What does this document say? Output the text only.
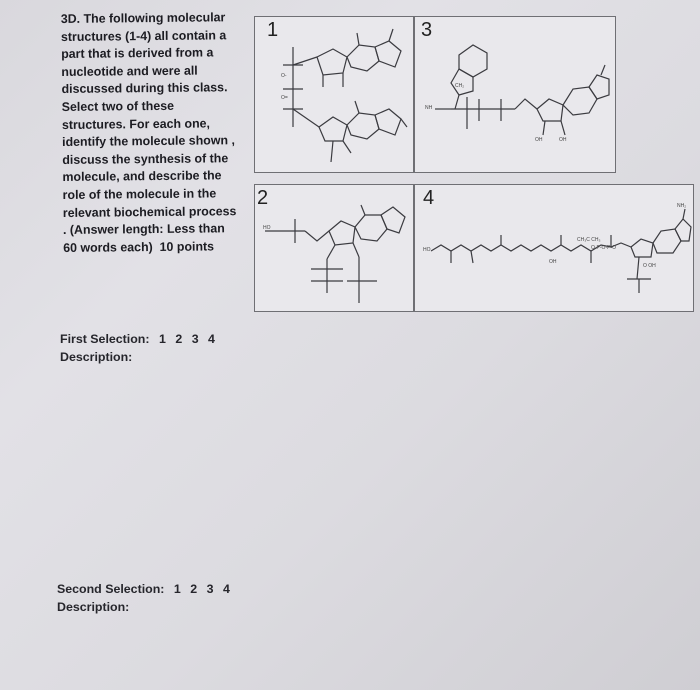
3D. The following molecular
structures (1-4) all contain a
part that is derived from a
nucleotide and were all
discussed during this class.
Select two of these
structures. For each one,
identify the molecule shown ,
discuss the synthesis of the
molecule, and describe the
role of the molecule in the
relevant biochemical process
. (Answer length: Less than
60 words each) 10 points
1
O-
O=
3
CH₂
OH	OH
NH
2
HO
4
HO
CH₃C CH₃
O-P-O-P-O
O OH
OH
NH₂
First Selection: 1 2 3 4
Description:
Second Selection: 1 2 3 4
Description:
